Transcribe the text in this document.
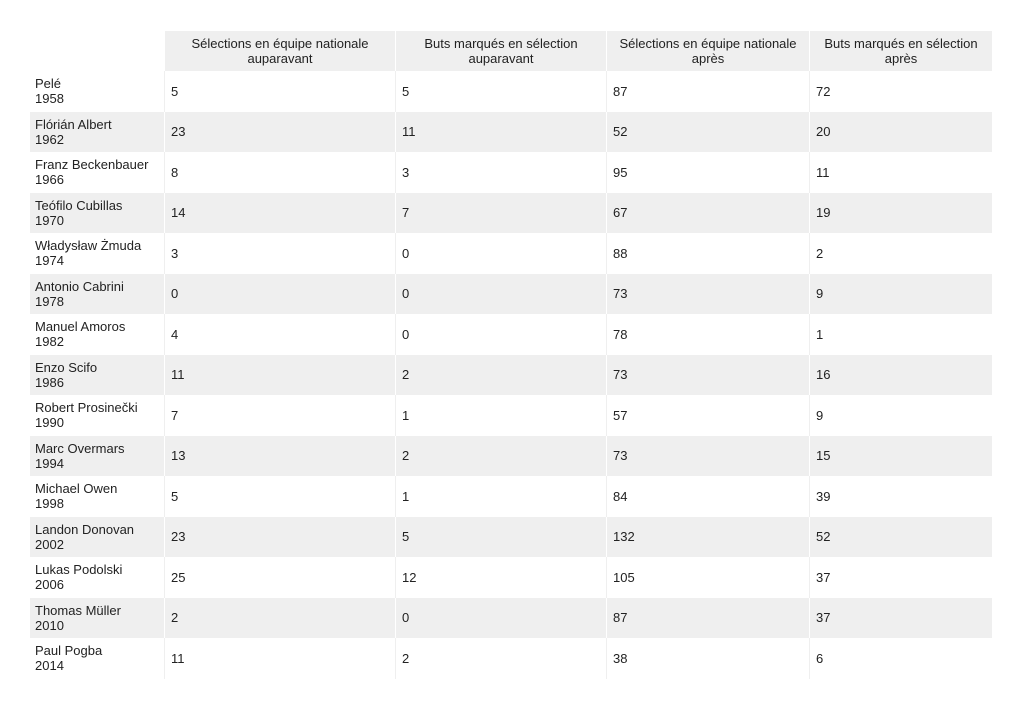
	Sélections en équipe nationale auparavant	Buts marqués en sélection auparavant	Sélections en équipe nationale après	Buts marqués en sélection après

Pelé
1958	5	5	87	72

Flórián Albert
1962	23	11	52	20

Franz Beckenbauer
1966	8	3	95	11

Teófilo Cubillas
1970	14	7	67	19

Władysław Żmuda
1974	3	0	88	2

Antonio Cabrini
1978	0	0	73	9

Manuel Amoros
1982	4	0	78	1

Enzo Scifo
1986	11	2	73	16

Robert Prosinečki
1990	7	1	57	9

Marc Overmars
1994	13	2	73	15

Michael Owen
1998	5	1	84	39

Landon Donovan
2002	23	5	132	52

Lukas Podolski
2006	25	12	105	37

Thomas Müller
2010	2	0	87	37

Paul Pogba
2014	11	2	38	6
